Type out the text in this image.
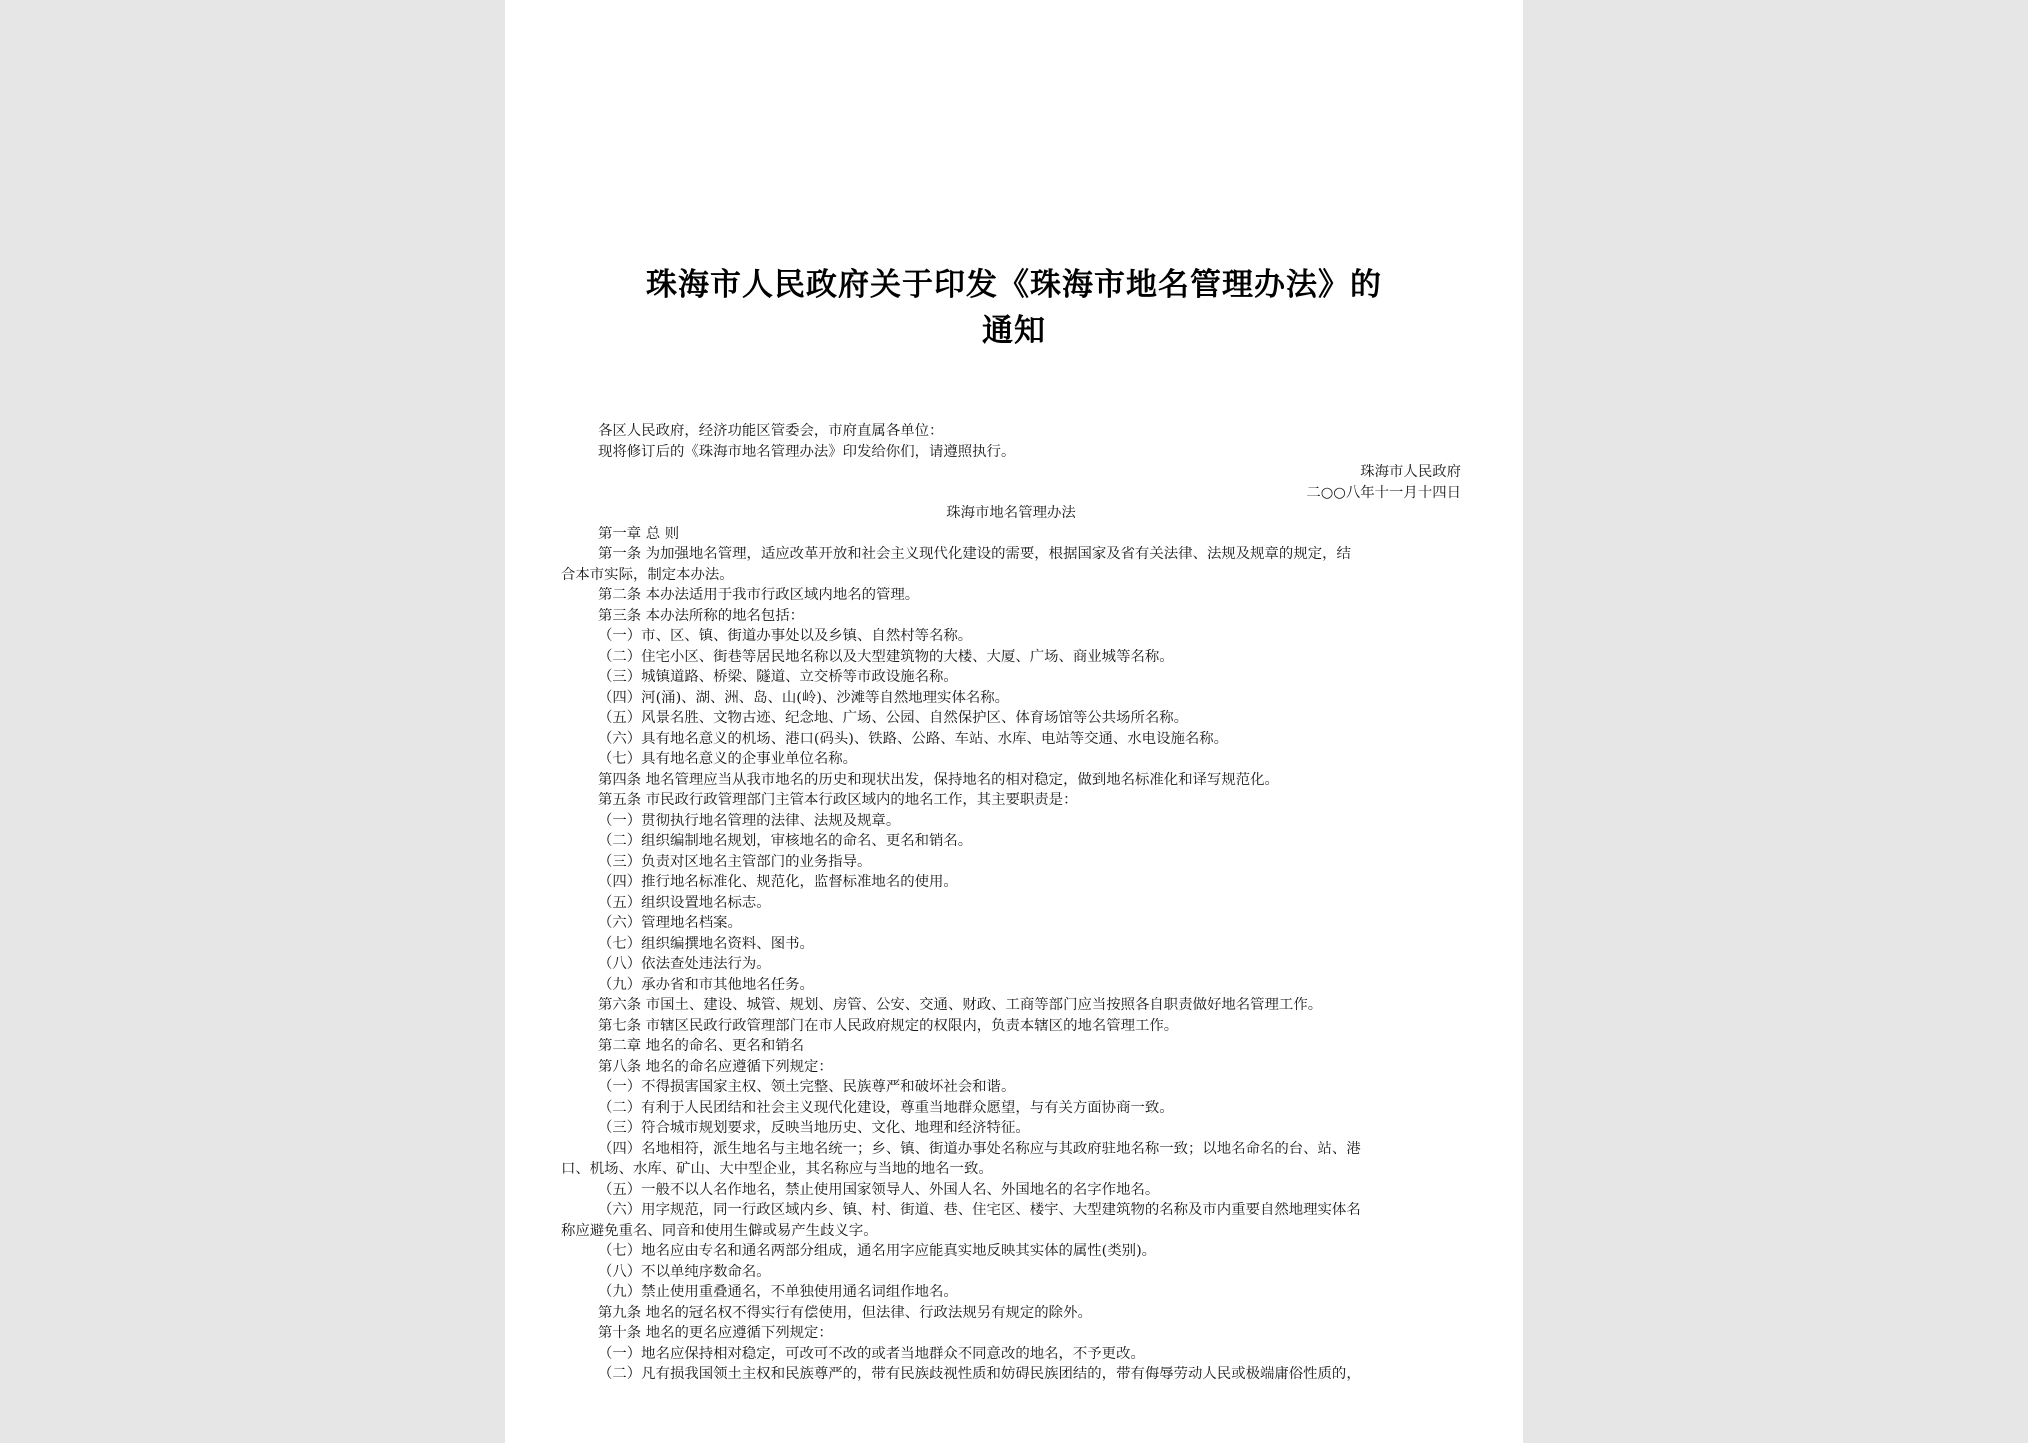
珠海市人民政府关于印发《珠海市地名管理办法》的
通知
各区人民政府，经济功能区管委会，市府直属各单位：
现将修订后的《珠海市地名管理办法》印发给你们，请遵照执行。
珠海市人民政府
二○○八年十一月十四日
珠海市地名管理办法
第一章 总 则
第一条 为加强地名管理，适应改革开放和社会主义现代化建设的需要，根据国家及省有关法律、法规及规章的规定，结
合本市实际，制定本办法。
第二条 本办法适用于我市行政区域内地名的管理。
第三条 本办法所称的地名包括：
（一）市、区、镇、街道办事处以及乡镇、自然村等名称。
（二）住宅小区、街巷等居民地名称以及大型建筑物的大楼、大厦、广场、商业城等名称。
（三）城镇道路、桥梁、隧道、立交桥等市政设施名称。
（四）河(涌)、湖、洲、岛、山(岭)、沙滩等自然地理实体名称。
（五）风景名胜、文物古迹、纪念地、广场、公园、自然保护区、体育场馆等公共场所名称。
（六）具有地名意义的机场、港口(码头)、铁路、公路、车站、水库、电站等交通、水电设施名称。
（七）具有地名意义的企事业单位名称。
第四条 地名管理应当从我市地名的历史和现状出发，保持地名的相对稳定，做到地名标准化和译写规范化。
第五条 市民政行政管理部门主管本行政区域内的地名工作，其主要职责是：
（一）贯彻执行地名管理的法律、法规及规章。
（二）组织编制地名规划，审核地名的命名、更名和销名。
（三）负责对区地名主管部门的业务指导。
（四）推行地名标准化、规范化，监督标准地名的使用。
（五）组织设置地名标志。
（六）管理地名档案。
（七）组织编撰地名资料、图书。
（八）依法查处违法行为。
（九）承办省和市其他地名任务。
第六条 市国土、建设、城管、规划、房管、公安、交通、财政、工商等部门应当按照各自职责做好地名管理工作。
第七条 市辖区民政行政管理部门在市人民政府规定的权限内，负责本辖区的地名管理工作。
第二章 地名的命名、更名和销名
第八条 地名的命名应遵循下列规定：
（一）不得损害国家主权、领土完整、民族尊严和破坏社会和谐。
（二）有利于人民团结和社会主义现代化建设，尊重当地群众愿望，与有关方面协商一致。
（三）符合城市规划要求，反映当地历史、文化、地理和经济特征。
（四）名地相符，派生地名与主地名统一；乡、镇、街道办事处名称应与其政府驻地名称一致；以地名命名的台、站、港
口、机场、水库、矿山、大中型企业，其名称应与当地的地名一致。
（五）一般不以人名作地名，禁止使用国家领导人、外国人名、外国地名的名字作地名。
（六）用字规范，同一行政区域内乡、镇、村、街道、巷、住宅区、楼宇、大型建筑物的名称及市内重要自然地理实体名
称应避免重名、同音和使用生僻或易产生歧义字。
（七）地名应由专名和通名两部分组成，通名用字应能真实地反映其实体的属性(类别)。
（八）不以单纯序数命名。
（九）禁止使用重叠通名，不单独使用通名词组作地名。
第九条 地名的冠名权不得实行有偿使用，但法律、行政法规另有规定的除外。
第十条 地名的更名应遵循下列规定：
（一）地名应保持相对稳定，可改可不改的或者当地群众不同意改的地名，不予更改。
（二）凡有损我国领土主权和民族尊严的，带有民族歧视性质和妨碍民族团结的，带有侮辱劳动人民或极端庸俗性质的，
